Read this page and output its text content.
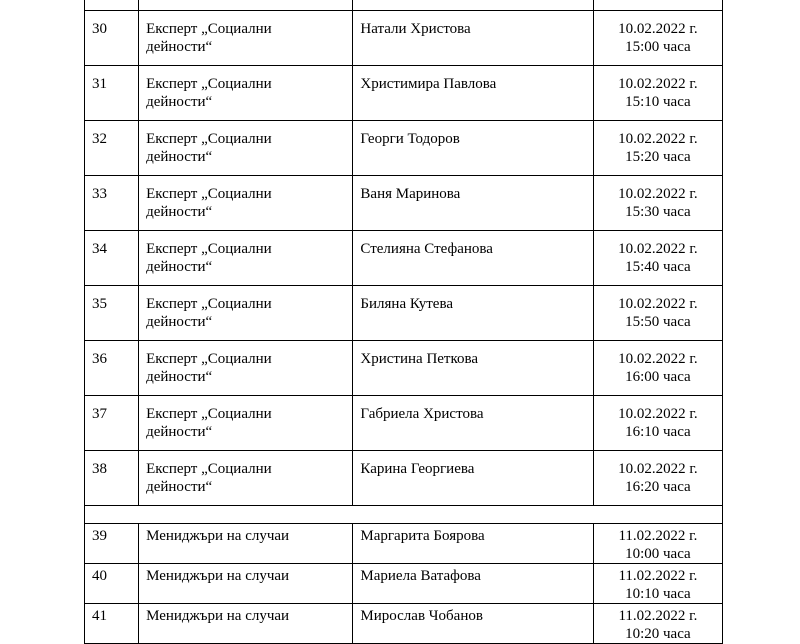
30	Експерт „Социални
дейности“	Натали Христова	10.02.2022 г.
15:00 часа

31	Експерт „Социални
дейности“	Христимира Павлова	10.02.2022 г.
15:10 часа

32	Експерт „Социални
дейности“	Георги Тодоров	10.02.2022 г.
15:20 часа

33	Експерт „Социални
дейности“	Ваня Маринова	10.02.2022 г.
15:30 часа

34	Експерт „Социални
дейности“	Стелияна Стефанова	10.02.2022 г.
15:40 часа

35	Експерт „Социални
дейности“	Биляна Кутева	10.02.2022 г.
15:50 часа

36	Експерт „Социални
дейности“	Христина Петкова	10.02.2022 г.
16:00 часа

37	Експерт „Социални
дейности“	Габриела Христова	10.02.2022 г.
16:10 часа

38	Експерт „Социални
дейности“	Карина Георгиева	10.02.2022 г.
16:20 часа

39	Мениджъри на случаи	Маргарита Боярова	11.02.2022 г.
10:00 часа

40	Мениджъри на случаи	Мариела Ватафова	11.02.2022 г.
10:10 часа

41	Мениджъри на случаи	Мирослав Чобанов	11.02.2022 г.
10:20 часа
